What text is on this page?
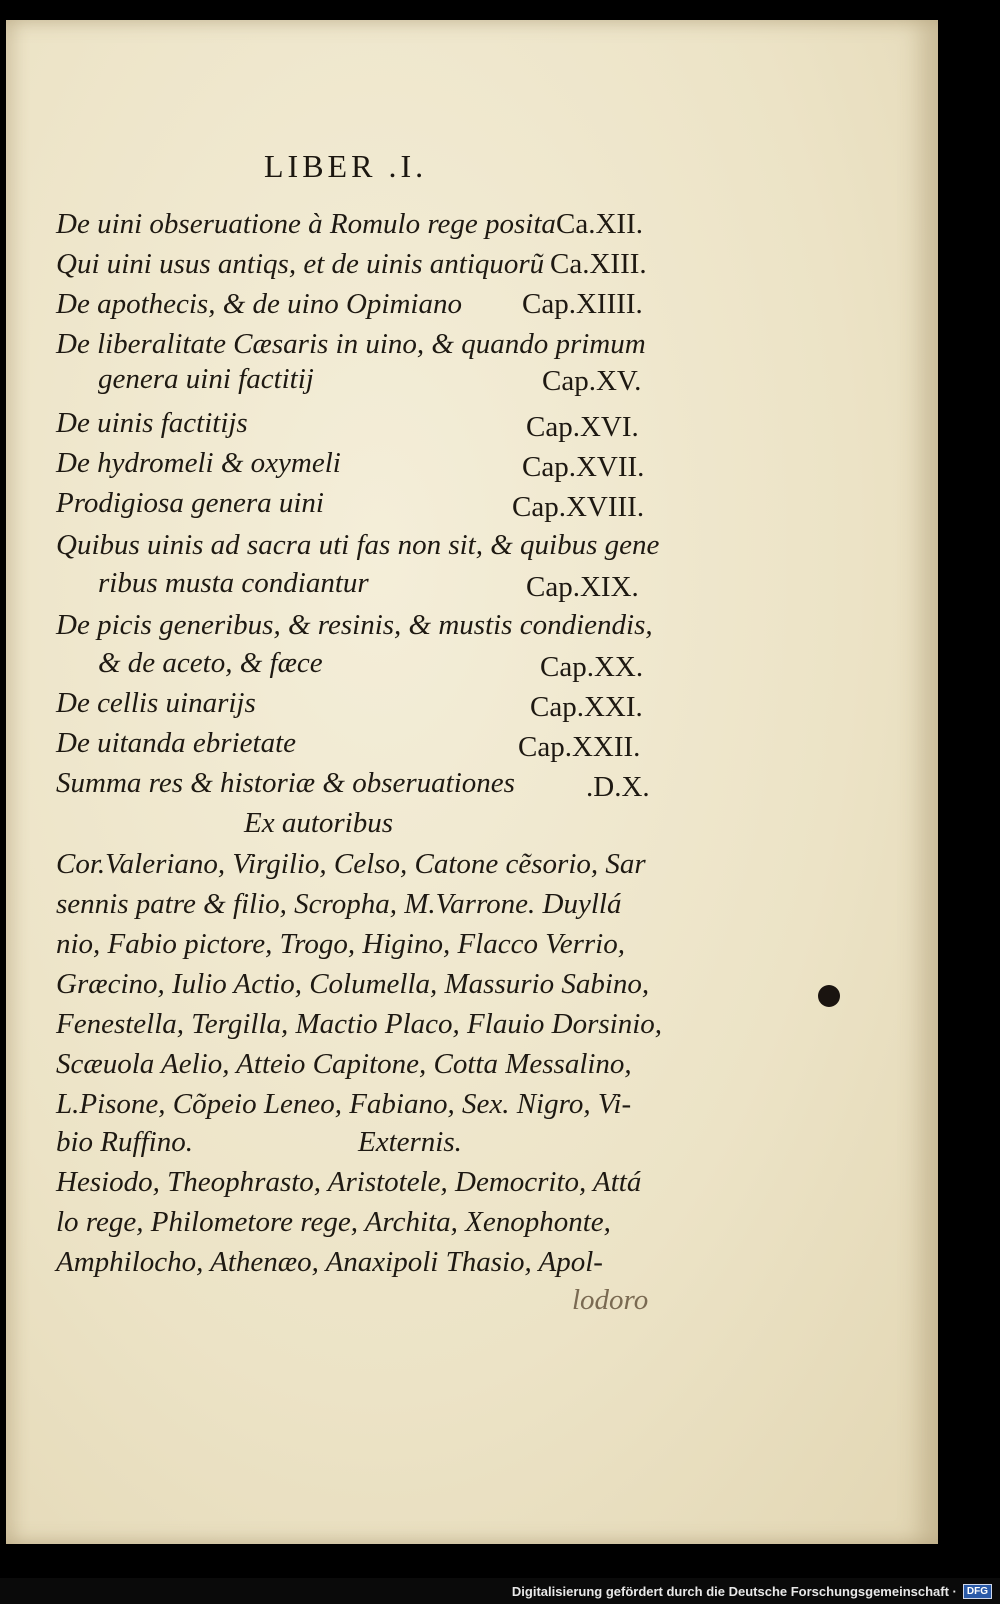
LIBER .I.
De uini obseruatione à Romulo rege posita Ca.XII.
Qui uini usus antiqs, et de uinis antiquorũ Ca.XIII.
De apothecis, & de uino Opimiano Cap.XIIII.
De liberalitate Cæsaris in uino, & quando primum
genera uini factitij	Cap.XV.
De uinis factitijs	Cap.XVI.
De hydromeli & oxymeli	Cap.XVII.
Prodigiosa genera uini	Cap.XVIII.
Quibus uinis ad sacra uti fas non sit, & quibus gene
ribus musta condiantur	Cap.XIX.
De picis generibus, & resinis, & mustis condiendis,
& de aceto, & fæce	Cap.XX.
De cellis uinarijs	Cap.XXI.
De uitanda ebrietate	Cap.XXII.
Summa res & historiæ & obseruationes .D.X.
Ex autoribus
Cor.Valeriano, Virgilio, Celso, Catone cẽsorio, Sar
sennis patre & filio, Scropha, M.Varrone. Duyllá
nio, Fabio pictore, Trogo, Higino, Flacco Verrio,
Græcino, Iulio Actio, Columella, Massurio Sabino,
Fenestella, Tergilla, Mactio Placo, Flauio Dorsinio,
Scæuola Aelio, Atteio Capitone, Cotta Messalino,
L.Pisone, Cõpeio Leneo, Fabiano, Sex. Nigro, Vi-
bio Ruffino.	Externis.
Hesiodo, Theophrasto, Aristotele, Democrito, Attá
lo rege, Philometore rege, Archita, Xenophonte,
Amphilocho, Athenæo, Anaxipoli Thasio, Apol-
lodoro
Digitalisierung gefördert durch die Deutsche Forschungsgemeinschaft ·	DFG
